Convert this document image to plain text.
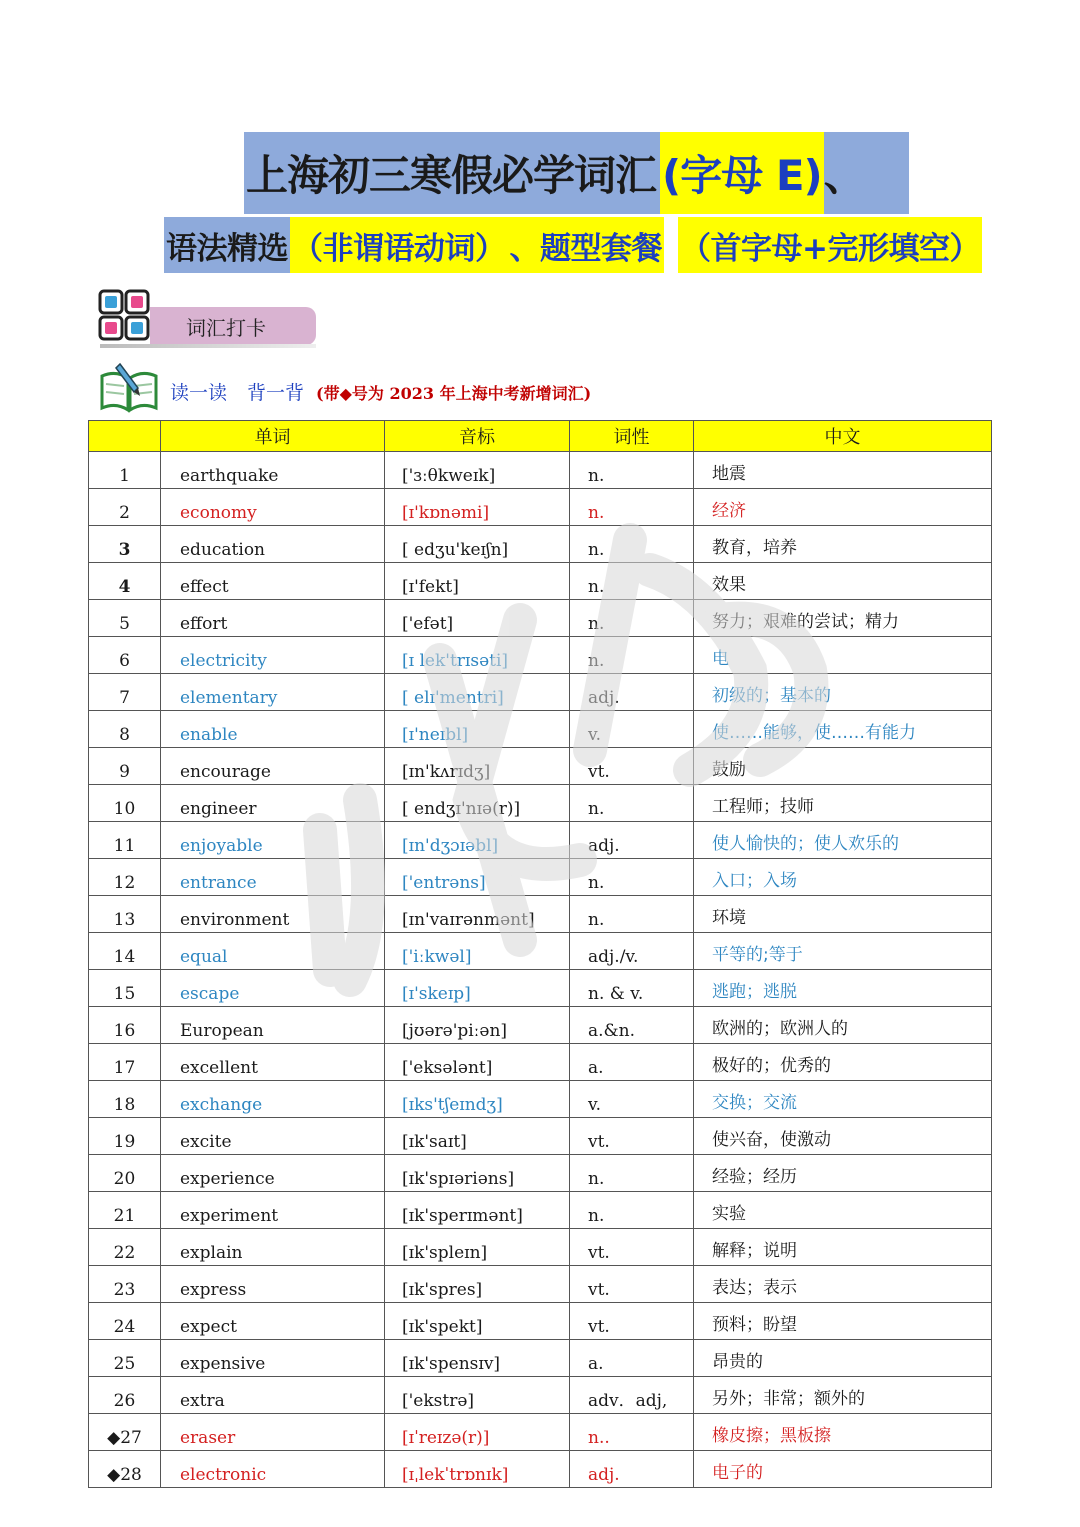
上海初三寒假必学词汇 (字母 E) 、
语法精选 （非谓语动词） 、题型套餐 （首字母+完形填空）
词汇打卡
读一读 背一背 (带◆号为 2023 年上海中考新增词汇)
	单词	音标	词性	中文
1	earthquake	['ɜːθkweɪk]	n.	地震
2	economy	[ɪ'kɒnəmi]	n.	经济
3	education	[ edʒu'keɪʃn]	n.	教育，培养
4	effect	[ɪ'fekt]	n.	效果
5	effort	['efət]	n.	努力；艰难的尝试；精力
6	electricity	[ɪ lek'trɪsəti]	n.	电
7	elementary	[ elɪ'mentri]	adj.	初级的；基本的
8	enable	[ɪ'neɪbl]	v.	使……能够，使……有能力
9	encourage	[ɪn'kʌrɪdʒ]	vt.	鼓励
10	engineer	[ endʒɪ'nɪə(r)]	n.	工程师；技师
11	enjoyable	[ɪn'dʒɔɪəbl]	adj.	使人愉快的；使人欢乐的
12	entrance	['entrəns]	n.	入口；入场
13	environment	[ɪn'vaɪrənmənt]	n.	环境
14	equal	['iːkwəl]	adj./v.	平等的;等于
15	escape	[ɪ'skeɪp]	n. & v.	逃跑；逃脱
16	European	[jʊərə'piːən]	a.&n.	欧洲的；欧洲人的
17	excellent	['eksələnt]	a.	极好的；优秀的
18	exchange	[ɪks'tʃeɪndʒ]	v.	交换；交流
19	excite	[ɪk'saɪt]	vt.	使兴奋，使激动
20	experience	[ɪk'spɪəriəns]	n.	经验；经历
21	experiment	[ɪk'sperɪmənt]	n.	实验
22	explain	[ɪk'spleɪn]	vt.	解释；说明
23	express	[ɪk'spres]	vt.	表达；表示
24	expect	[ɪk'spekt]	vt.	预料；盼望
25	expensive	[ɪk'spensɪv]	a.	昂贵的
26	extra	['ekstrə]	adv．adj,	另外；非常；额外的
◆27	eraser	[ɪˈreɪzə(r)]	n..	橡皮擦；黑板擦
◆28	electronic	[ɪˌlekˈtrɒnɪk]	adj.	电子的
